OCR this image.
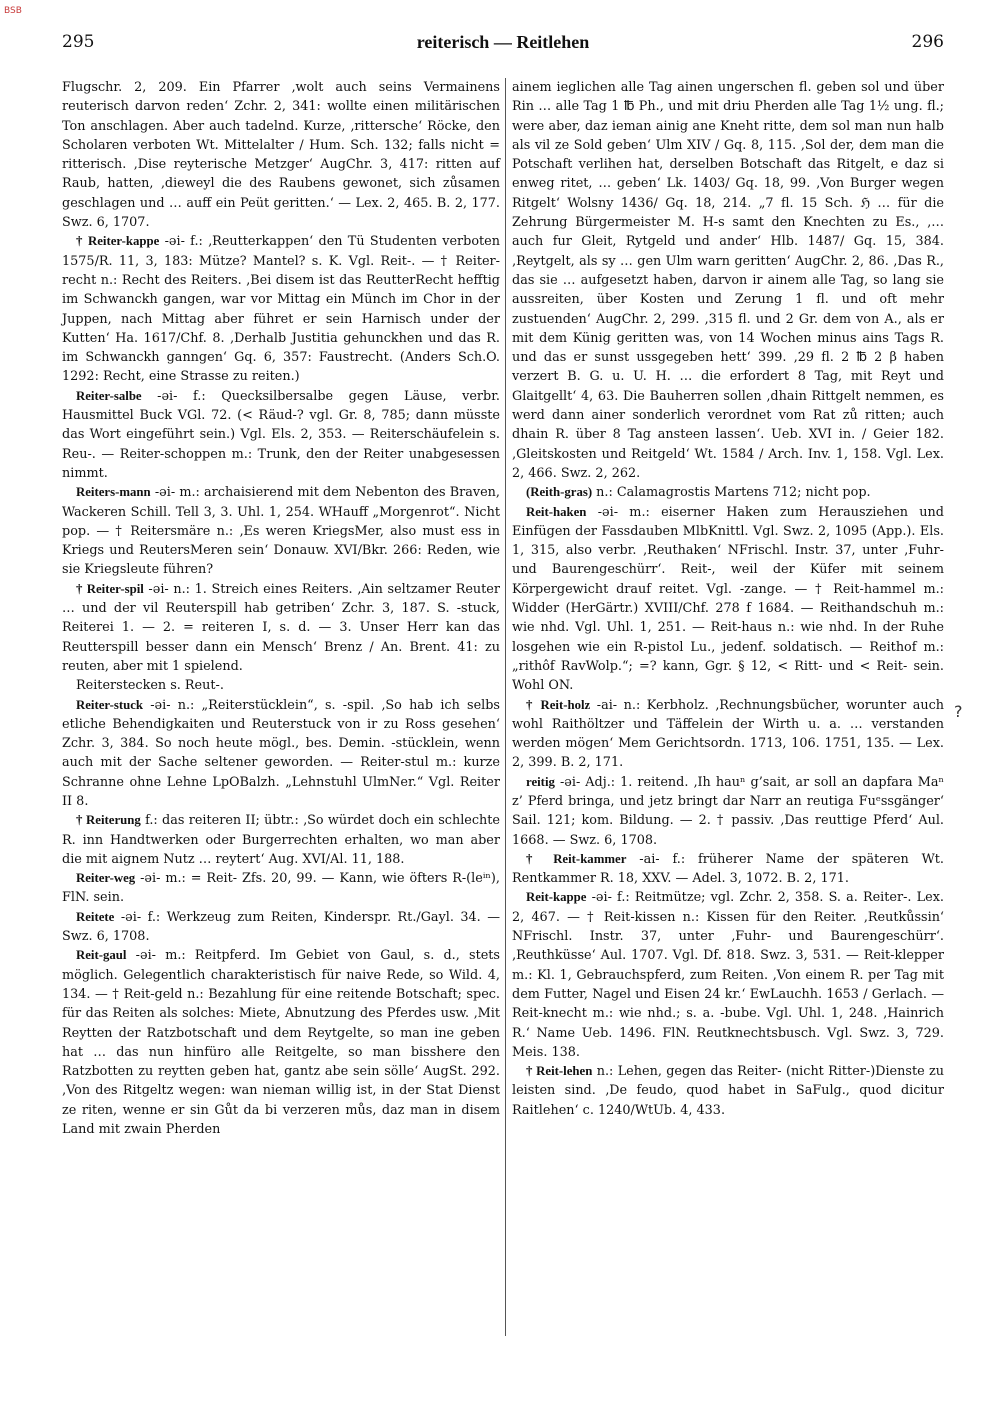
BSB
295	reiterisch — Reitlehen	296

Flugschr. 2, 209. Ein Pfarrer ‚wolt auch seins Vermainens reuterisch darvon reden‘ Zchr. 2, 341: wollte einen militärischen Ton anschlagen. Aber auch tadelnd. Kurze, ‚rittersche‘ Röcke, den Scholaren verboten Wt. Mittelalter / Hum. Sch. 132; falls nicht = ritterisch. ‚Dise reyterische Metzger‘ AugChr. 3, 417: ritten auf Raub, hatten, ‚dieweyl die des Raubens gewonet, sich zůsamen geschlagen und … auff ein Peüt geritten.‘ — Lex. 2, 465. B. 2, 177. Swz. 6, 1707.

† Reiter-kappe -əi- f.: ‚Reutterkappen‘ den Tü Studenten verboten 1575/R. 11, 3, 183: Mütze? Mantel? s. K. Vgl. Reit-. — † Reiter-recht n.: Recht des Reiters. ‚Bei disem ist das ReutterRecht hefftig im Schwanckh gangen, war vor Mittag ein Münch im Chor in der Juppen, nach Mittag aber führet er sein Harnisch under der Kutten‘ Ha. 1617/Chf. 8. ‚Derhalb Justitia gehunckhen und das R. im Schwanckh ganngen‘ Gq. 6, 357: Faustrecht. (Anders Sch.O. 1292: Recht, eine Strasse zu reiten.)

Reiter-salbe -əi- f.: Quecksilbersalbe gegen Läuse, verbr. Hausmittel Buck VGl. 72. (< Räud-? vgl. Gr. 8, 785; dann müsste das Wort eingeführt sein.) Vgl. Els. 2, 353. — Reiterschäufelein s. Reu-. — Reiter-schoppen m.: Trunk, den der Reiter unabgesessen nimmt.

Reiters-mann -əi- m.: archaisierend mit dem Nebenton des Braven, Wackeren Schill. Tell 3, 3. Uhl. 1, 254. WHauff „Morgenrot“. Nicht pop. — † Reitersmäre n.: ‚Es weren KriegsMer, also must ess in Kriegs und ReutersMeren sein‘ Donauw. XVI/Bkr. 266: Reden, wie sie Kriegsleute führen?

† Reiter-spil -əi- n.: 1. Streich eines Reiters. ‚Ain seltzamer Reuter … und der vil Reuterspill hab getriben‘ Zchr. 3, 187. S. -stuck, Reiterei 1. — 2. = reiteren I, s. d. — 3. Unser Herr kan das Reutterspill besser dann ein Mensch‘ Brenz / An. Brent. 41: zu reuten, aber mit 1 spielend.

Reiterstecken s. Reut-.

Reiter-stuck -əi- n.: „Reiterstücklein“, s. -spil. ‚So hab ich selbs etliche Behendigkaiten und Reuterstuck von ir zu Ross gesehen‘ Zchr. 3, 384. So noch heute mögl., bes. Demin. -stücklein, wenn auch mit der Sache seltener geworden. — Reiter-stul m.: kurze Schranne ohne Lehne LpOBalzh. „Lehnstuhl UlmNer.“ Vgl. Reiter II 8.

† Reiterung f.: das reiteren II; übtr.: ‚So würdet doch ein schlechte R. inn Handtwerken oder Burgerrechten erhalten, wo man aber die mit aignem Nutz … reytert‘ Aug. XVI/Al. 11, 188.

Reiter-weg -əi- m.: = Reit- Zfs. 20, 99. — Kann, wie öfters R-(leⁱⁿ), FlN. sein.

Reitete -əi- f.: Werkzeug zum Reiten, Kinderspr. Rt./Gayl. 34. — Swz. 6, 1708.

Reit-gaul -əi- m.: Reitpferd. Im Gebiet von Gaul, s. d., stets möglich. Gelegentlich charakteristisch für naive Rede, so Wild. 4, 134. — † Reit-geld n.: Bezahlung für eine reitende Botschaft; spec. für das Reiten als solches: Miete, Abnutzung des Pferdes usw. ‚Mit Reytten der Ratzbotschaft und dem Reytgelte, so man ine geben hat … das nun hinfüro alle Reitgelte, so man bisshere den Ratzbotten zu reytten geben hat, gantz abe sein sölle‘ AugSt. 292. ‚Von des Ritgeltz wegen: wan nieman willig ist, in der Stat Dienst ze riten, wenne er sin Gůt da bi verzeren můs, daz man in disem Land mit zwain Pherden

ainem ieglichen alle Tag ainen ungerschen fl. geben sol und über Rin … alle Tag 1 ℔ Ph., und mit driu Pherden alle Tag 1½ ung. fl.; were aber, daz ieman ainig ane Kneht ritte, dem sol man nun halb als vil ze Sold geben‘ Ulm XIV / Gq. 8, 115. ‚Sol der, dem man die Potschaft verlihen hat, derselben Botschaft das Ritgelt, e daz si enweg ritet, … geben‘ Lk. 1403/ Gq. 18, 99. ‚Von Burger wegen Ritgelt‘ Wolsny 1436/ Gq. 18, 214. „7 fl. 15 Sch. ℌ … für die Zehrung Bürgermeister M. H-s samt den Knechten zu Es., ‚… auch fur Gleit, Rytgeld und ander‘ Hlb. 1487/ Gq. 15, 384. ‚Reytgelt, als sy … gen Ulm warn geritten‘ AugChr. 2, 86. ‚Das R., das sie … aufgesetzt haben, darvon ir ainem alle Tag, so lang sie aussreiten, über Kosten und Zerung 1 fl. und oft mehr zustuenden‘ AugChr. 2, 299. ‚315 fl. und 2 Gr. dem von A., als er mit dem Künig geritten was, von 14 Wochen minus ains Tags R. und das er sunst ussgegeben hett‘ 399. ‚29 fl. 2 ℔ 2 β haben verzert B. G. u. U. H. … die erfordert 8 Tag, mit Reyt und Glaitgellt‘ 4, 63. Die Bauherren sollen ‚dhain Rittgelt nemmen, es werd dann ainer sonderlich verordnet vom Rat zů ritten; auch dhain R. über 8 Tag ansteen lassen‘. Ueb. XVI in. / Geier 182. ‚Gleitskosten und Reitgeld‘ Wt. 1584 / Arch. Inv. 1, 158. Vgl. Lex. 2, 466. Swz. 2, 262.

(Reith-gras) n.: Calamagrostis Martens 712; nicht pop.

Reit-haken -əi- m.: eiserner Haken zum Herausziehen und Einfügen der Fassdauben MlbKnittl. Vgl. Swz. 2, 1095 (App.). Els. 1, 315, also verbr. ‚Reuthaken‘ NFrischl. Instr. 37, unter ‚Fuhr- und Baurengeschürr‘. Reit-, weil der Küfer mit seinem Körpergewicht drauf reitet. Vgl. -zange. — † Reit-hammel m.: Widder (HerGärtr.) XVIII/Chf. 278 f 1684. — Reithandschuh m.: wie nhd. Vgl. Uhl. 1, 251. — Reit-haus n.: wie nhd. In der Ruhe losgehen wie ein R-pistol Lu., jedenf. soldatisch. — Reithof m.: „rithôf RavWolp.“; =? kann, Ggr. § 12, < Ritt- und < Reit- sein. Wohl ON.

† Reit-holz -ai- n.: Kerbholz. ‚Rechnungsbücher, worunter auch wohl Raithöltzer und Täffelein der Wirth u. a. … verstanden werden mögen‘ Mem Gerichtsordn. 1713, 106. 1751, 135. — Lex. 2, 399. B. 2, 171.

reitig -əi- Adj.: 1. reitend. ‚Ih hauⁿ g’sait, ar soll an dapfara Maⁿ z’ Pferd bringa, und jetz bringt dar Narr an reutiga Fuᵉssgänger‘ Sail. 121; kom. Bildung. — 2. † passiv. ‚Das reuttige Pferd‘ Aul. 1668. — Swz. 6, 1708.

† Reit-kammer -ai- f.: früherer Name der späteren Wt. Rentkammer R. 18, XXV. — Adel. 3, 1072. B. 2, 171.

Reit-kappe -əi- f.: Reitmütze; vgl. Zchr. 2, 358. S. a. Reiter-. Lex. 2, 467. — † Reit-kissen n.: Kissen für den Reiter. ‚Reutkůssin‘ NFrischl. Instr. 37, unter ‚Fuhr- und Baurengeschürr‘. ‚Reuthküsse‘ Aul. 1707. Vgl. Df. 818. Swz. 3, 531. — Reit-klepper m.: Kl. 1, Gebrauchspferd, zum Reiten. ‚Von einem R. per Tag mit dem Futter, Nagel und Eisen 24 kr.‘ EwLauchh. 1653 / Gerlach. — Reit-knecht m.: wie nhd.; s. a. -bube. Vgl. Uhl. 1, 248. ‚Hainrich R.‘ Name Ueb. 1496. FlN. Reutknechtsbusch. Vgl. Swz. 3, 729. Meis. 138.

† Reit-lehen n.: Lehen, gegen das Reiter- (nicht Ritter-)Dienste zu leisten sind. ‚De feudo, quod habet in SaFulg., quod dicitur Raitlehen‘ c. 1240/WtUb. 4, 433.

?
